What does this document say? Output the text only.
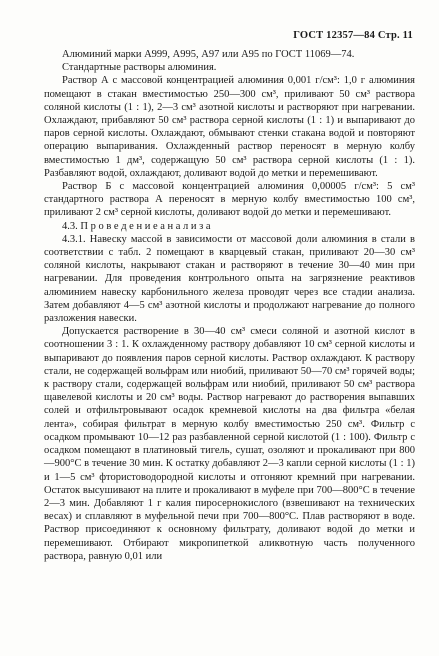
ГОСТ 12357—84 Стр. 11

Алюминий марки А999, А995, А97 или А95 по ГОСТ 11069—74.

Стандартные растворы алюминия.

Раствор А с массовой концентрацией алюминия 0,001 г/см³: 1,0 г алюминия помещают в стакан вместимостью 250—300 см³, приливают 50 см³ раствора соляной кислоты (1 : 1), 2—3 см³ азотной кислоты и растворяют при нагревании. Охлаждают, прибавляют 50 см³ раствора серной кислоты (1 : 1) и выпаривают до паров серной кислоты. Охлаждают, обмывают стенки стакана водой и повторяют операцию выпаривания. Охлажденный раствор переносят в мерную колбу вместимостью 1 дм³, содержащую 50 см³ раствора серной кислоты (1 : 1). Разбавляют водой, охлаждают, доливают водой до метки и перемешивают.

Раствор Б с массовой концентрацией алюминия 0,00005 г/см³: 5 см³ стандартного раствора А переносят в мерную колбу вместимостью 100 см³, приливают 2 см³ серной кислоты, доливают водой до метки и перемешивают.

4.3. П р о в е д е н и е а н а л и з а

4.3.1. Навеску массой в зависимости от массовой доли алюминия в стали в соответствии с табл. 2 помещают в кварцевый стакан, приливают 20—30 см³ соляной кислоты, накрывают стакан и растворяют в течение 30—40 мин при нагревании. Для проведения контрольного опыта на загрязнение реактивов алюминием навеску карбонильного железа проводят через все стадии анализа. Затем добавляют 4—5 см³ азотной кислоты и продолжают нагревание до полного разложения навески.

Допускается растворение в 30—40 см³ смеси соляной и азотной кислот в соотношении 3 : 1. К охлажденному раствору добавляют 10 см³ серной кислоты и выпаривают до появления паров серной кислоты. Раствор охлаждают. К раствору стали, не содержащей вольфрам или ниобий, приливают 50—70 см³ горячей воды; к раствору стали, содержащей вольфрам или ниобий, приливают 50 см³ раствора щавелевой кислоты и 20 см³ воды. Раствор нагревают до растворения выпавших солей и отфильтровывают осадок кремневой кислоты на два фильтра «белая лента», собирая фильтрат в мерную колбу вместимостью 250 см³. Фильтр с осадком промывают 10—12 раз разбавленной серной кислотой (1 : 100). Фильтр с осадком помещают в платиновый тигель, сушат, озоляют и прокаливают при 800—900°С в течение 30 мин. К остатку добавляют 2—3 капли серной кислоты (1 : 1) и 1—5 см³ фтористоводородной кислоты и отгоняют кремний при нагревании. Остаток высушивают на плите и прокаливают в муфеле при 700—800°С в течение 2—3 мин. Добавляют 1 г калия пиросернокислого (взвешивают на технических весах) и сплавляют в муфельной печи при 700—800°С. Плав растворяют в воде. Раствор присоединяют к основному фильтрату, доливают водой до метки и перемешивают. Отбирают микропипеткой аликвотную часть полученного раствора, равную 0,01 или
